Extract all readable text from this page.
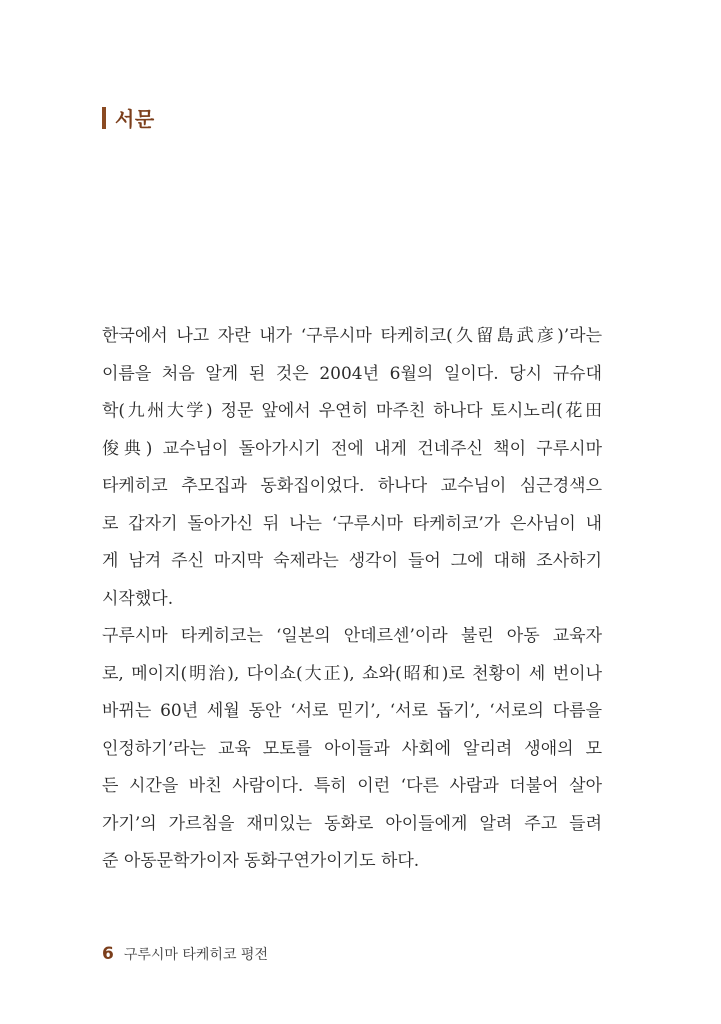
서문
한국에서 나고 자란 내가 ‘구루시마 타케히코(久留島武彦)’라는
이름을 처음 알게 된 것은 2004년 6월의 일이다. 당시 규슈대
학(九州大学) 정문 앞에서 우연히 마주친 하나다 토시노리(花田
俊典) 교수님이 돌아가시기 전에 내게 건네주신 책이 구루시마
타케히코 추모집과 동화집이었다. 하나다 교수님이 심근경색으
로 갑자기 돌아가신 뒤 나는 ‘구루시마 타케히코’가 은사님이 내
게 남겨 주신 마지막 숙제라는 생각이 들어 그에 대해 조사하기
시작했다.
구루시마 타케히코는 ‘일본의 안데르센’이라 불린 아동 교육자
로, 메이지(明治), 다이쇼(大正), 쇼와(昭和)로 천황이 세 번이나
바뀌는 60년 세월 동안 ‘서로 믿기’, ‘서로 돕기’, ‘서로의 다름을
인정하기’라는 교육 모토를 아이들과 사회에 알리려 생애의 모
든 시간을 바친 사람이다. 특히 이런 ‘다른 사람과 더불어 살아
가기’의 가르침을 재미있는 동화로 아이들에게 알려 주고 들려
준 아동문학가이자 동화구연가이기도 하다.
6 구루시마 타케히코 평전
